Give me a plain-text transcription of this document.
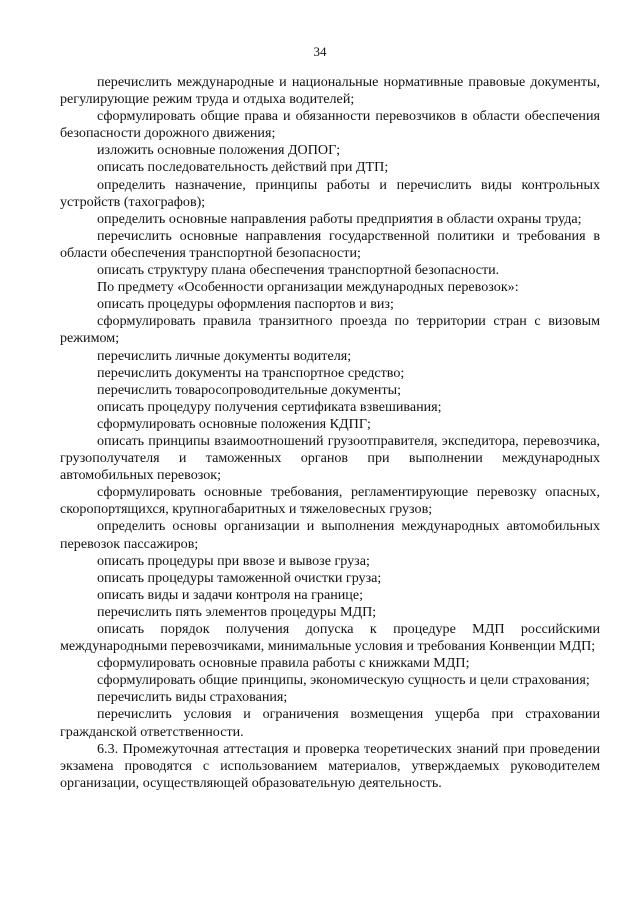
34

перечислить международные и национальные нормативные правовые документы, регулирующие режим труда и отдыха водителей;

сформулировать общие права и обязанности перевозчиков в области обеспечения безопасности дорожного движения;

изложить основные положения ДОПОГ;

описать последовательность действий при ДТП;

определить назначение, принципы работы и перечислить виды контрольных устройств (тахографов);

определить основные направления работы предприятия в области охраны труда;

перечислить основные направления государственной политики и требования в области обеспечения транспортной безопасности;

описать структуру плана обеспечения транспортной безопасности.

По предмету «Особенности организации международных перевозок»:

описать процедуры оформления паспортов и виз;

сформулировать правила транзитного проезда по территории стран с визовым режимом;

перечислить личные документы водителя;

перечислить документы на транспортное средство;

перечислить товаросопроводительные документы;

описать процедуру получения сертификата взвешивания;

сформулировать основные положения КДПГ;

описать принципы взаимоотношений грузоотправителя, экспедитора, перевозчика, грузополучателя и таможенных органов при выполнении международных автомобильных перевозок;

сформулировать основные требования, регламентирующие перевозку опасных, скоропортящихся, крупногабаритных и тяжеловесных грузов;

определить основы организации и выполнения международных автомобильных перевозок пассажиров;

описать процедуры при ввозе и вывозе груза;

описать процедуры таможенной очистки груза;

описать виды и задачи контроля на границе;

перечислить пять элементов процедуры МДП;

описать порядок получения допуска к процедуре МДП российскими международными перевозчиками, минимальные условия и требования Конвенции МДП;

сформулировать основные правила работы с книжками МДП;

сформулировать общие принципы, экономическую сущность и цели страхования;

перечислить виды страхования;

перечислить условия и ограничения возмещения ущерба при страховании гражданской ответственности.

6.3. Промежуточная аттестация и проверка теоретических знаний при проведении экзамена проводятся с использованием материалов, утверждаемых руководителем организации, осуществляющей образовательную деятельность.
